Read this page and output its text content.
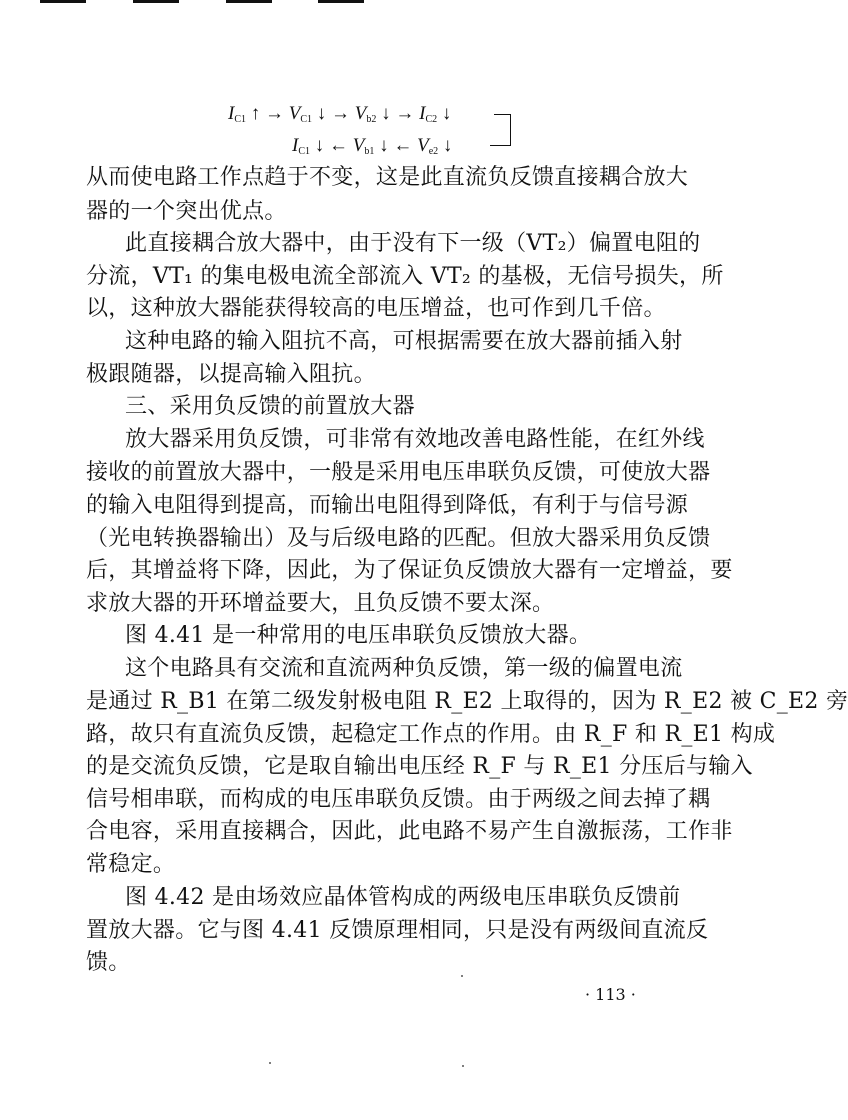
$I_{C1}$ ↑ → $V_{C1}$ ↓ → $V_{b2}$ ↓ → $I_{C2}$ ↓
$I_{C1}$ ↓ ← $V_{b1}$ ↓ ← $V_{e2}$ ↓
从而使电路工作点趋于不变，这是此直流负反馈直接耦合放大
器的一个突出优点。
此直接耦合放大器中，由于没有下一级（VT₂）偏置电阻的
分流，VT₁ 的集电极电流全部流入 VT₂ 的基极，无信号损失，所
以，这种放大器能获得较高的电压增益，也可作到几千倍。
这种电路的输入阻抗不高，可根据需要在放大器前插入射
极跟随器，以提高输入阻抗。
三、采用负反馈的前置放大器
放大器采用负反馈，可非常有效地改善电路性能，在红外线
接收的前置放大器中，一般是采用电压串联负反馈，可使放大器
的输入电阻得到提高，而输出电阻得到降低，有利于与信号源
（光电转换器输出）及与后级电路的匹配。但放大器采用负反馈
后，其增益将下降，因此，为了保证负反馈放大器有一定增益，要
求放大器的开环增益要大，且负反馈不要太深。
图 4.41 是一种常用的电压串联负反馈放大器。
这个电路具有交流和直流两种负反馈，第一级的偏置电流
是通过 R_B1 在第二级发射极电阻 R_E2 上取得的，因为 R_E2 被 C_E2 旁
路，故只有直流负反馈，起稳定工作点的作用。由 R_F 和 R_E1 构成
的是交流负反馈，它是取自输出电压经 R_F 与 R_E1 分压后与输入
信号相串联，而构成的电压串联负反馈。由于两级之间去掉了耦
合电容，采用直接耦合，因此，此电路不易产生自激振荡，工作非
常稳定。
图 4.42 是由场效应晶体管构成的两级电压串联负反馈前
置放大器。它与图 4.41 反馈原理相同，只是没有两级间直流反
馈。
· 113 ·
